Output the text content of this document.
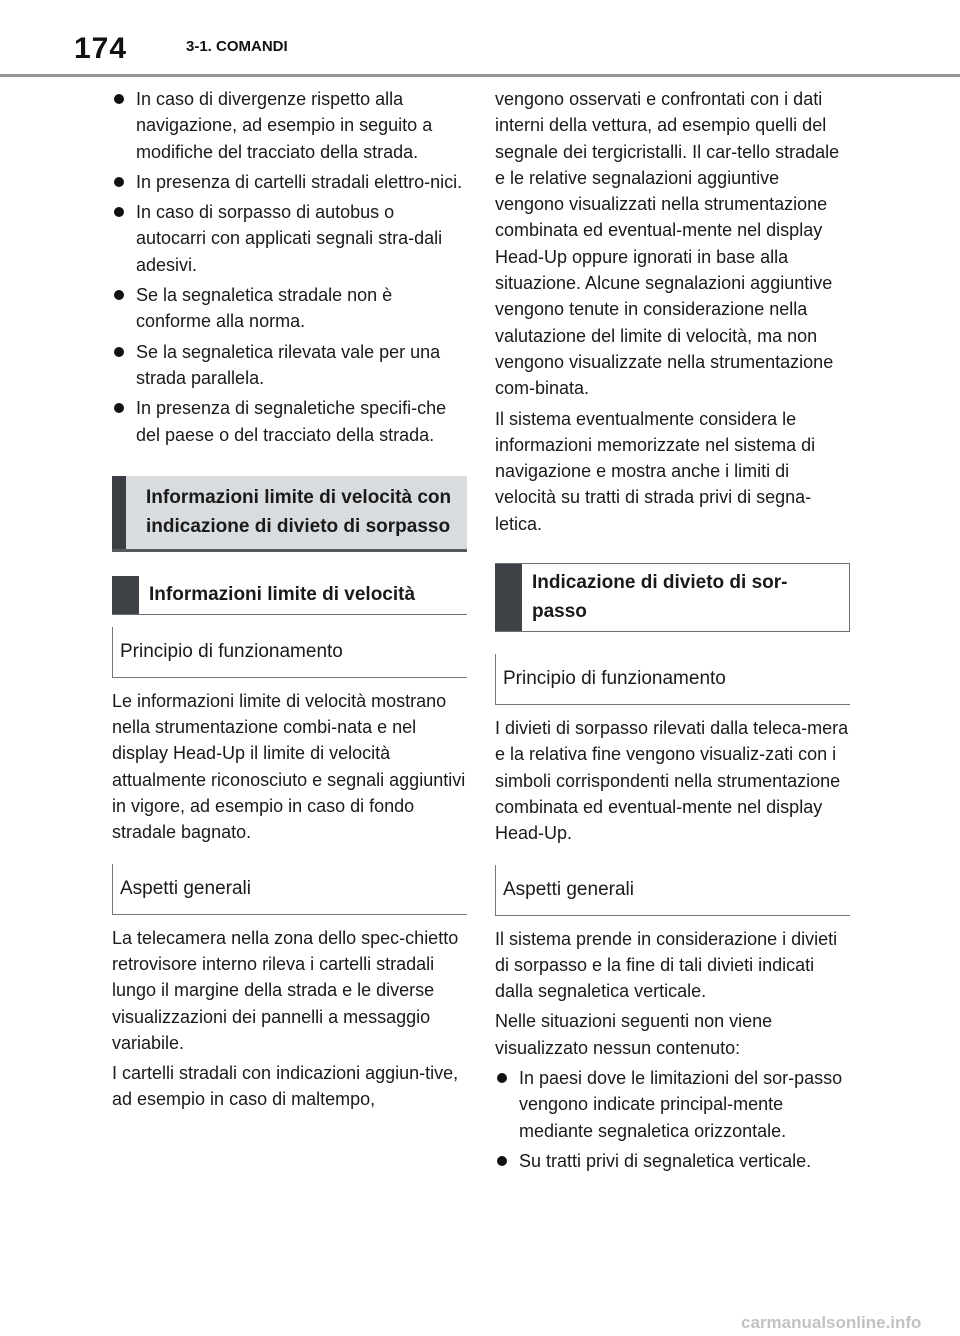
174	3-1. COMANDI
In caso di divergenze rispetto alla navigazione, ad esempio in seguito a modifiche del tracciato della strada.
In presenza di cartelli stradali elettro-nici.
In caso di sorpasso di autobus o autocarri con applicati segnali stra-dali adesivi.
Se la segnaletica stradale non è conforme alla norma.
Se la segnaletica rilevata vale per una strada parallela.
In presenza di segnaletiche specifi-che del paese o del tracciato della strada.
Informazioni limite di velocità con indicazione di divieto di sorpasso
Informazioni limite di velocità
Principio di funzionamento

Le informazioni limite di velocità mostrano nella strumentazione combi-nata e nel display Head-Up il limite di velocità attualmente riconosciuto e segnali aggiuntivi in vigore, ad esempio in caso di fondo stradale bagnato.

Aspetti generali

La telecamera nella zona dello spec-chietto retrovisore interno rileva i cartelli stradali lungo il margine della strada e le diverse visualizzazioni dei pannelli a messaggio variabile.

I cartelli stradali con indicazioni aggiun-tive, ad esempio in caso di maltempo,

vengono osservati e confrontati con i dati interni della vettura, ad esempio quelli del segnale dei tergicristalli. Il car-tello stradale e le relative segnalazioni aggiuntive vengono visualizzati nella strumentazione combinata ed eventual-mente nel display Head-Up oppure ignorati in base alla situazione. Alcune segnalazioni aggiuntive vengono tenute in considerazione nella valutazione del limite di velocità, ma non vengono visualizzate nella strumentazione com-binata.

Il sistema eventualmente considera le informazioni memorizzate nel sistema di navigazione e mostra anche i limiti di velocità su tratti di strada privi di segna-letica.

Indicazione di divieto di sor-passo
Principio di funzionamento

I divieti di sorpasso rilevati dalla teleca-mera e la relativa fine vengono visualiz-zati con i simboli corrispondenti nella strumentazione combinata ed eventual-mente nel display Head-Up.

Aspetti generali

Il sistema prende in considerazione i divieti di sorpasso e la fine di tali divieti indicati dalla segnaletica verticale.

Nelle situazioni seguenti non viene visualizzato nessun contenuto:

In paesi dove le limitazioni del sor-passo vengono indicate principal-mente mediante segnaletica orizzontale.
Su tratti privi di segnaletica verticale.
carmanualsonline.info
